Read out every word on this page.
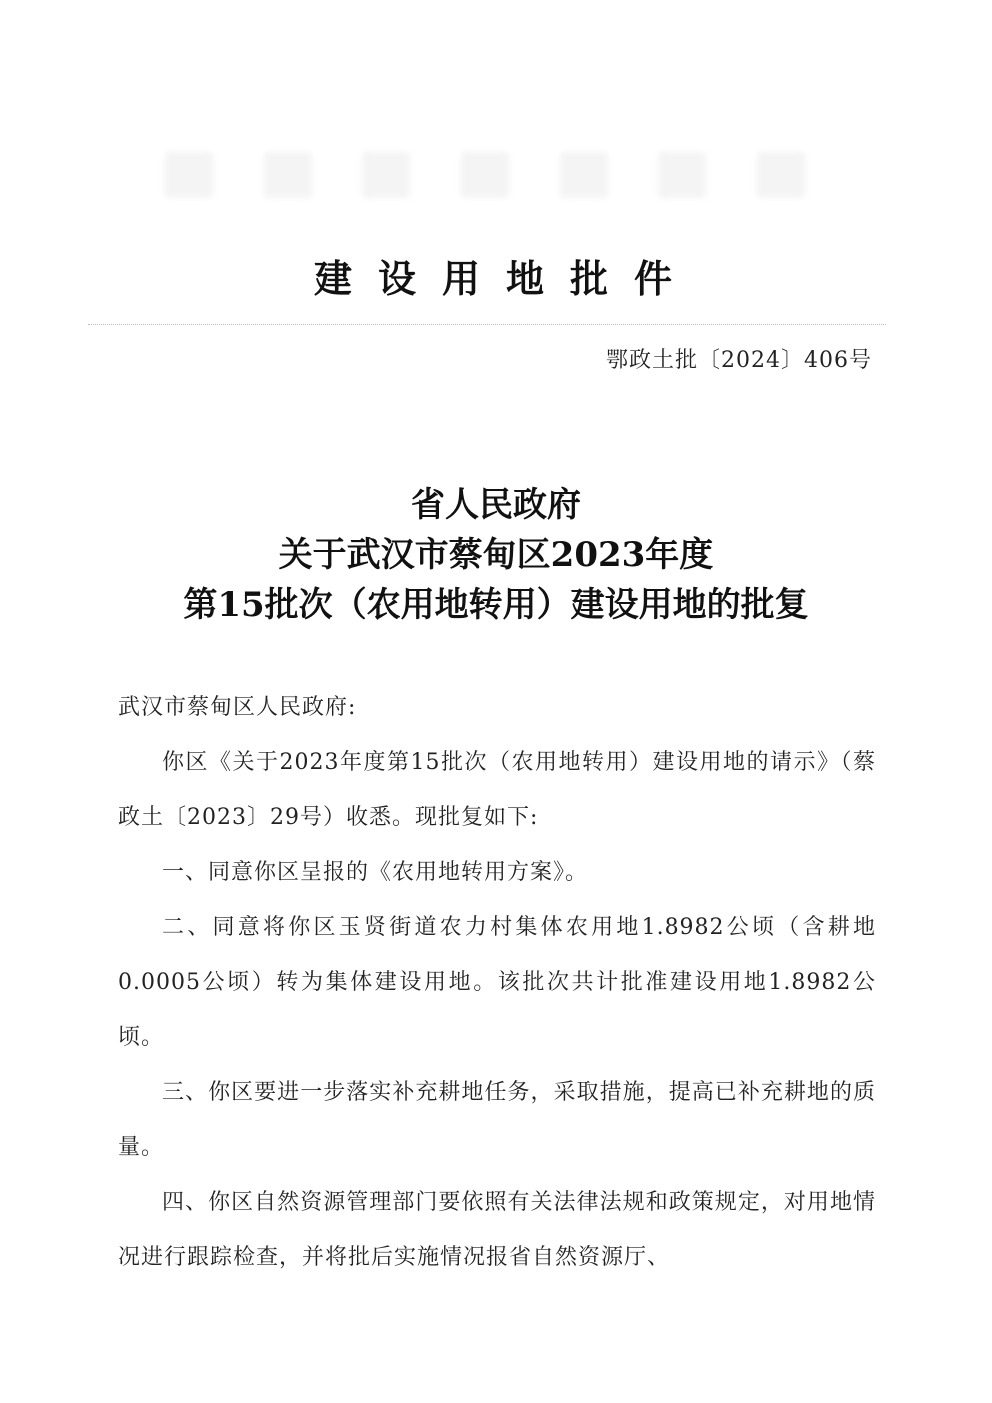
建设用地批件
鄂政土批〔2024〕406号
省人民政府
关于武汉市蔡甸区2023年度
第15批次（农用地转用）建设用地的批复

武汉市蔡甸区人民政府:

你区《关于2023年度第15批次（农用地转用）建设用地的请示》（蔡政土〔2023〕29号）收悉。现批复如下:

一、同意你区呈报的《农用地转用方案》。

二、同意将你区玉贤街道农力村集体农用地1.8982公顷（含耕地0.0005公顷）转为集体建设用地。该批次共计批准建设用地1.8982公顷。

三、你区要进一步落实补充耕地任务，采取措施，提高已补充耕地的质量。

四、你区自然资源管理部门要依照有关法律法规和政策规定，对用地情况进行跟踪检查，并将批后实施情况报省自然资源厅、
